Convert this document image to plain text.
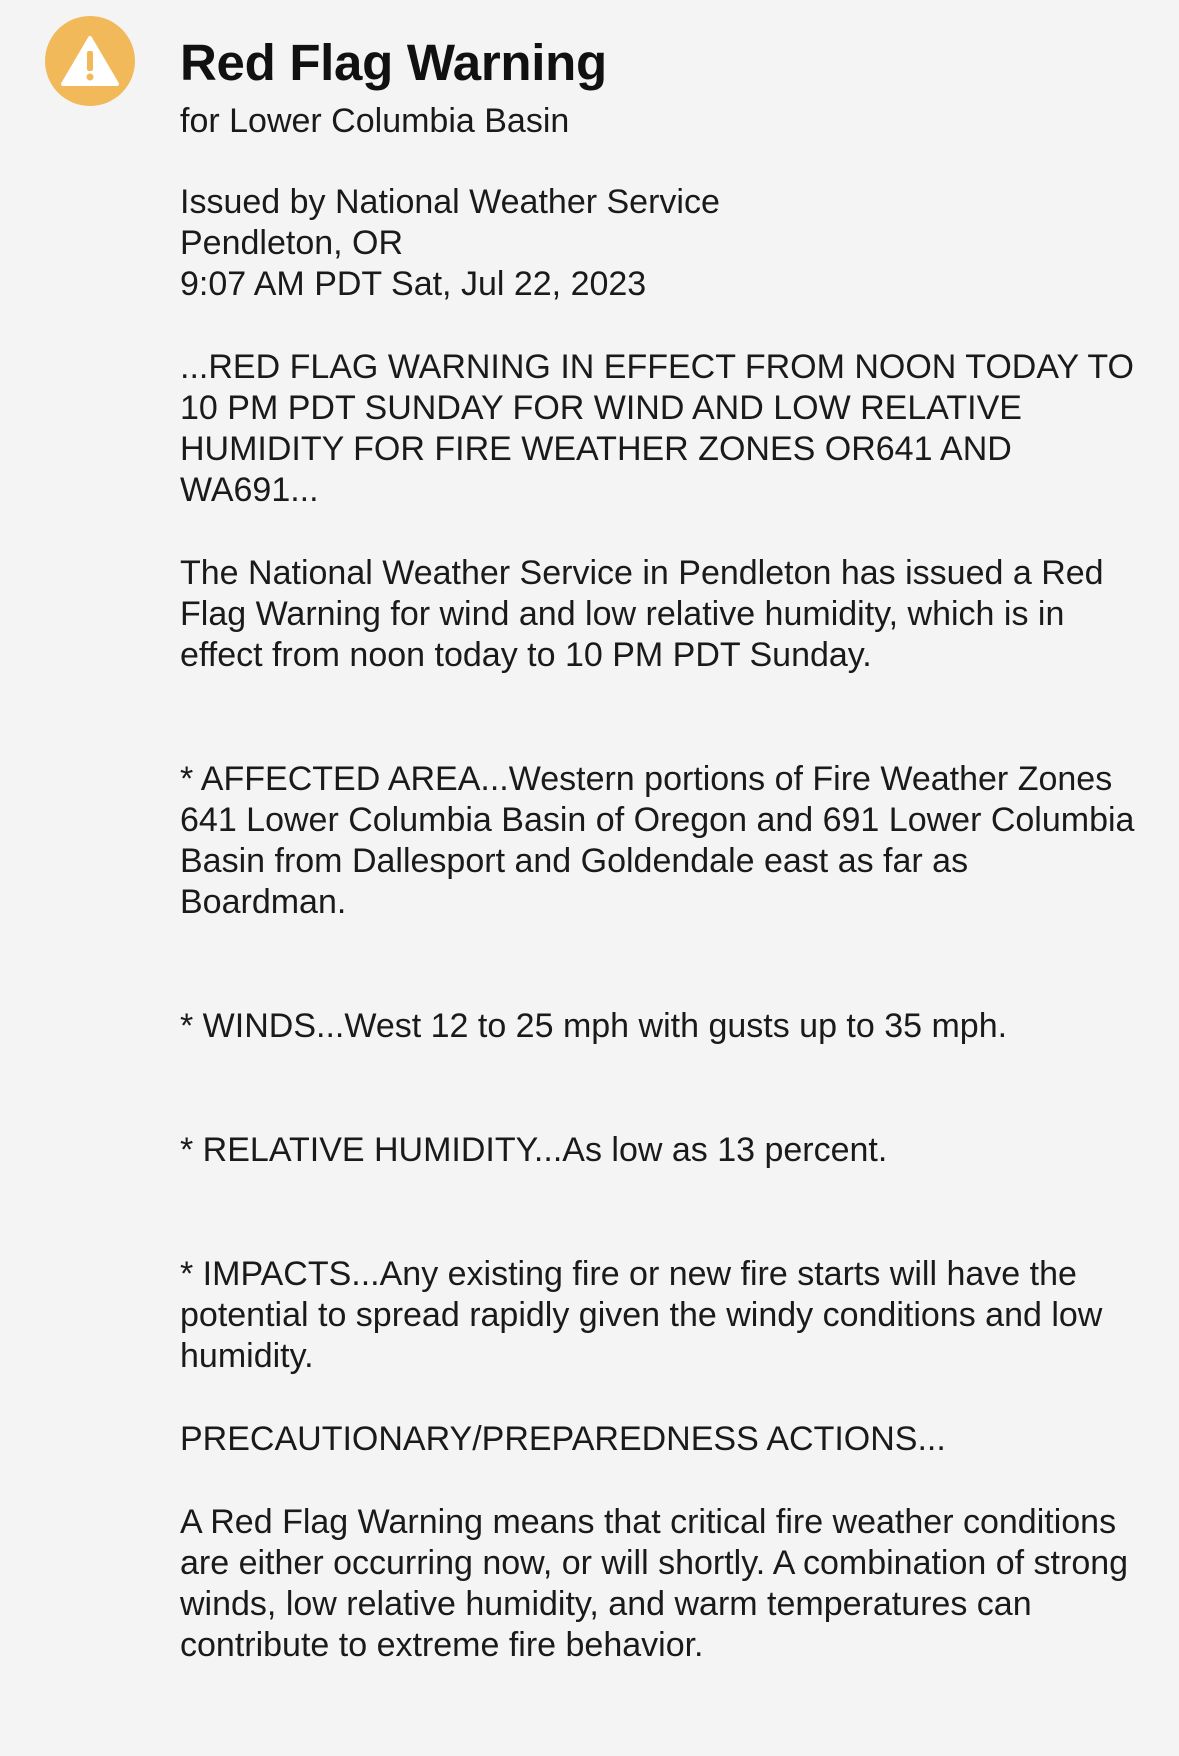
Red Flag Warning
for Lower Columbia Basin
Issued by National Weather Service
Pendleton, OR
9:07 AM PDT Sat, Jul 22, 2023

...RED FLAG WARNING IN EFFECT FROM NOON TODAY TO 10 PM PDT SUNDAY FOR WIND AND LOW RELATIVE HUMIDITY FOR FIRE WEATHER ZONES OR641 AND WA691...

The National Weather Service in Pendleton has issued a Red Flag Warning for wind and low relative humidity, which is in effect from noon today to 10 PM PDT Sunday.

* AFFECTED AREA...Western portions of Fire Weather Zones 641 Lower Columbia Basin of Oregon and 691 Lower Columbia Basin from Dallesport and Goldendale east as far as Boardman.

* WINDS...West 12 to 25 mph with gusts up to 35 mph.

* RELATIVE HUMIDITY...As low as 13 percent.

* IMPACTS...Any existing fire or new fire starts will have the potential to spread rapidly given the windy conditions and low humidity.

PRECAUTIONARY/PREPAREDNESS ACTIONS...

A Red Flag Warning means that critical fire weather conditions are either occurring now, or will shortly. A combination of strong winds, low relative humidity, and warm temperatures can contribute to extreme fire behavior.
